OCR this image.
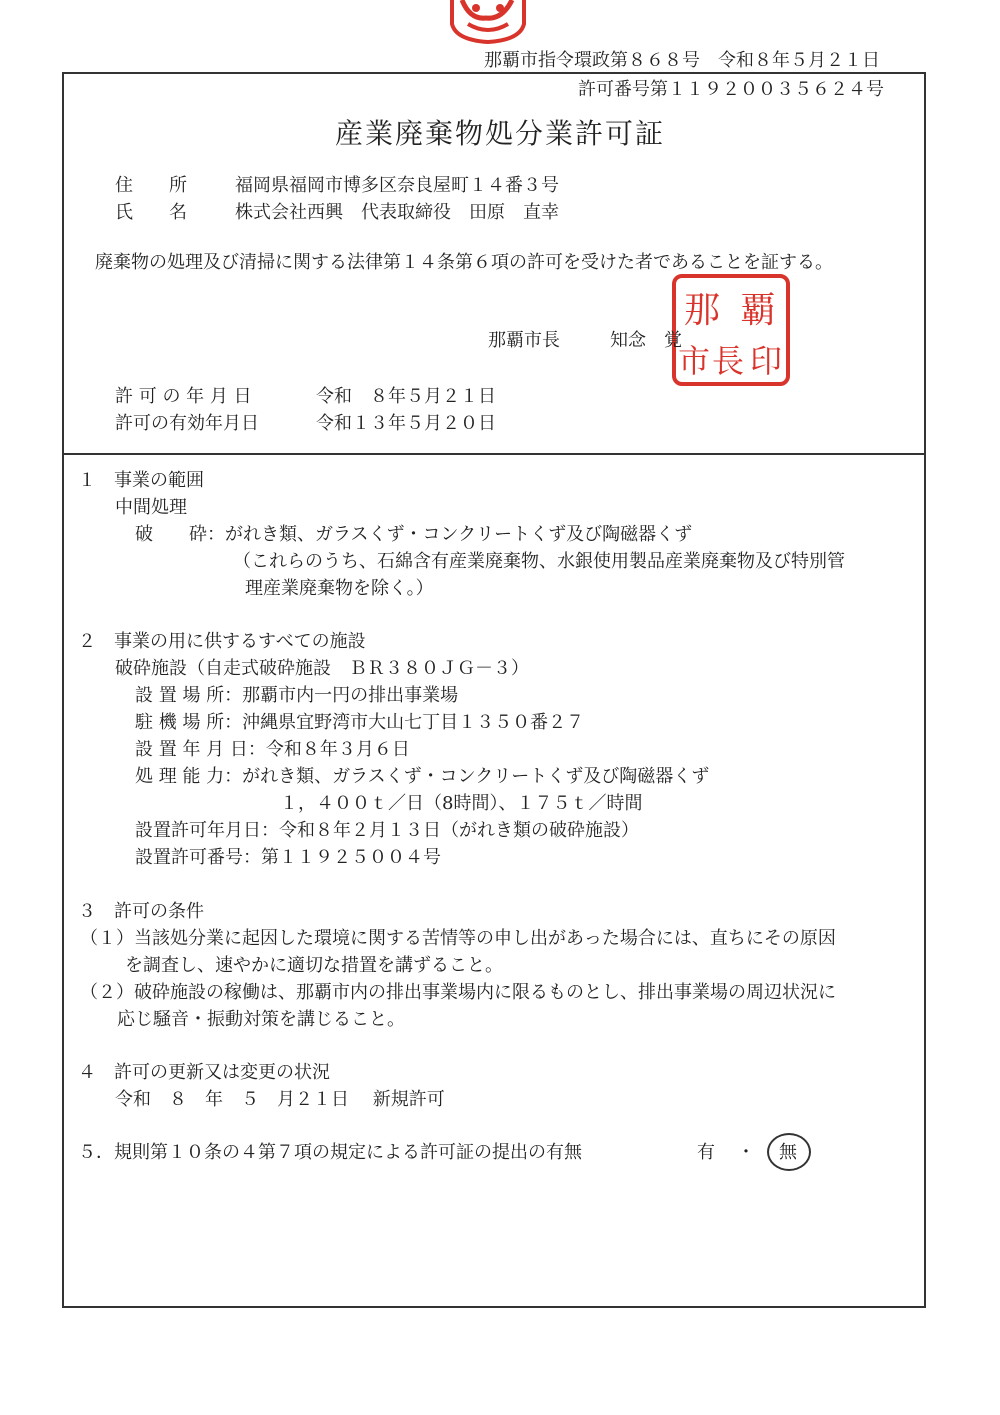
那覇市指令環政第８６８号　令和８年５月２１日
許可番号第１１９２００３５６２４号
産業廃棄物処分業許可証
住　　所	福岡県福岡市博多区奈良屋町１４番３号
氏　　名	株式会社西興　代表取締役　田原　直幸
廃棄物の処理及び清掃に関する法律第１４条第６項の許可を受けた者であることを証する。
那 覇
市 長 印
那覇市長	知念　覚
許 可 の 年 月 日	令和　８年５月２１日
許可の有効年月日	令和１３年５月２０日
１　事業の範囲
中間処理
破　　砕：がれき類、ガラスくず・コンクリートくず及び陶磁器くず
（これらのうち、石綿含有産業廃棄物、水銀使用製品産業廃棄物及び特別管
理産業廃棄物を除く。）
２　事業の用に供するすべての施設
破砕施設（自走式破砕施設　ＢＲ３８０ＪＧ－３）
設 置 場 所：那覇市内一円の排出事業場
駐 機 場 所：沖縄県宜野湾市大山七丁目１３５０番２７
設 置 年 月 日：令和８年３月６日
処 理 能 力：がれき類、ガラスくず・コンクリートくず及び陶磁器くず
１，４００ｔ／日（8時間）、１７５ｔ／時間
設置許可年月日：令和８年２月１３日（がれき類の破砕施設）
設置許可番号：第１１９２５００４号
３　許可の条件
（１）当該処分業に起因した環境に関する苦情等の申し出があった場合には、直ちにその原因
を調査し、速やかに適切な措置を講ずること。
（２）破砕施設の稼働は、那覇市内の排出事業場内に限るものとし、排出事業場の周辺状況に
応じ騒音・振動対策を講じること。
４　許可の更新又は変更の状況
令和　８　年　５　月２１日　 新規許可
５．規則第１０条の４第７項の規定による許可証の提出の有無	有 ・ 無
